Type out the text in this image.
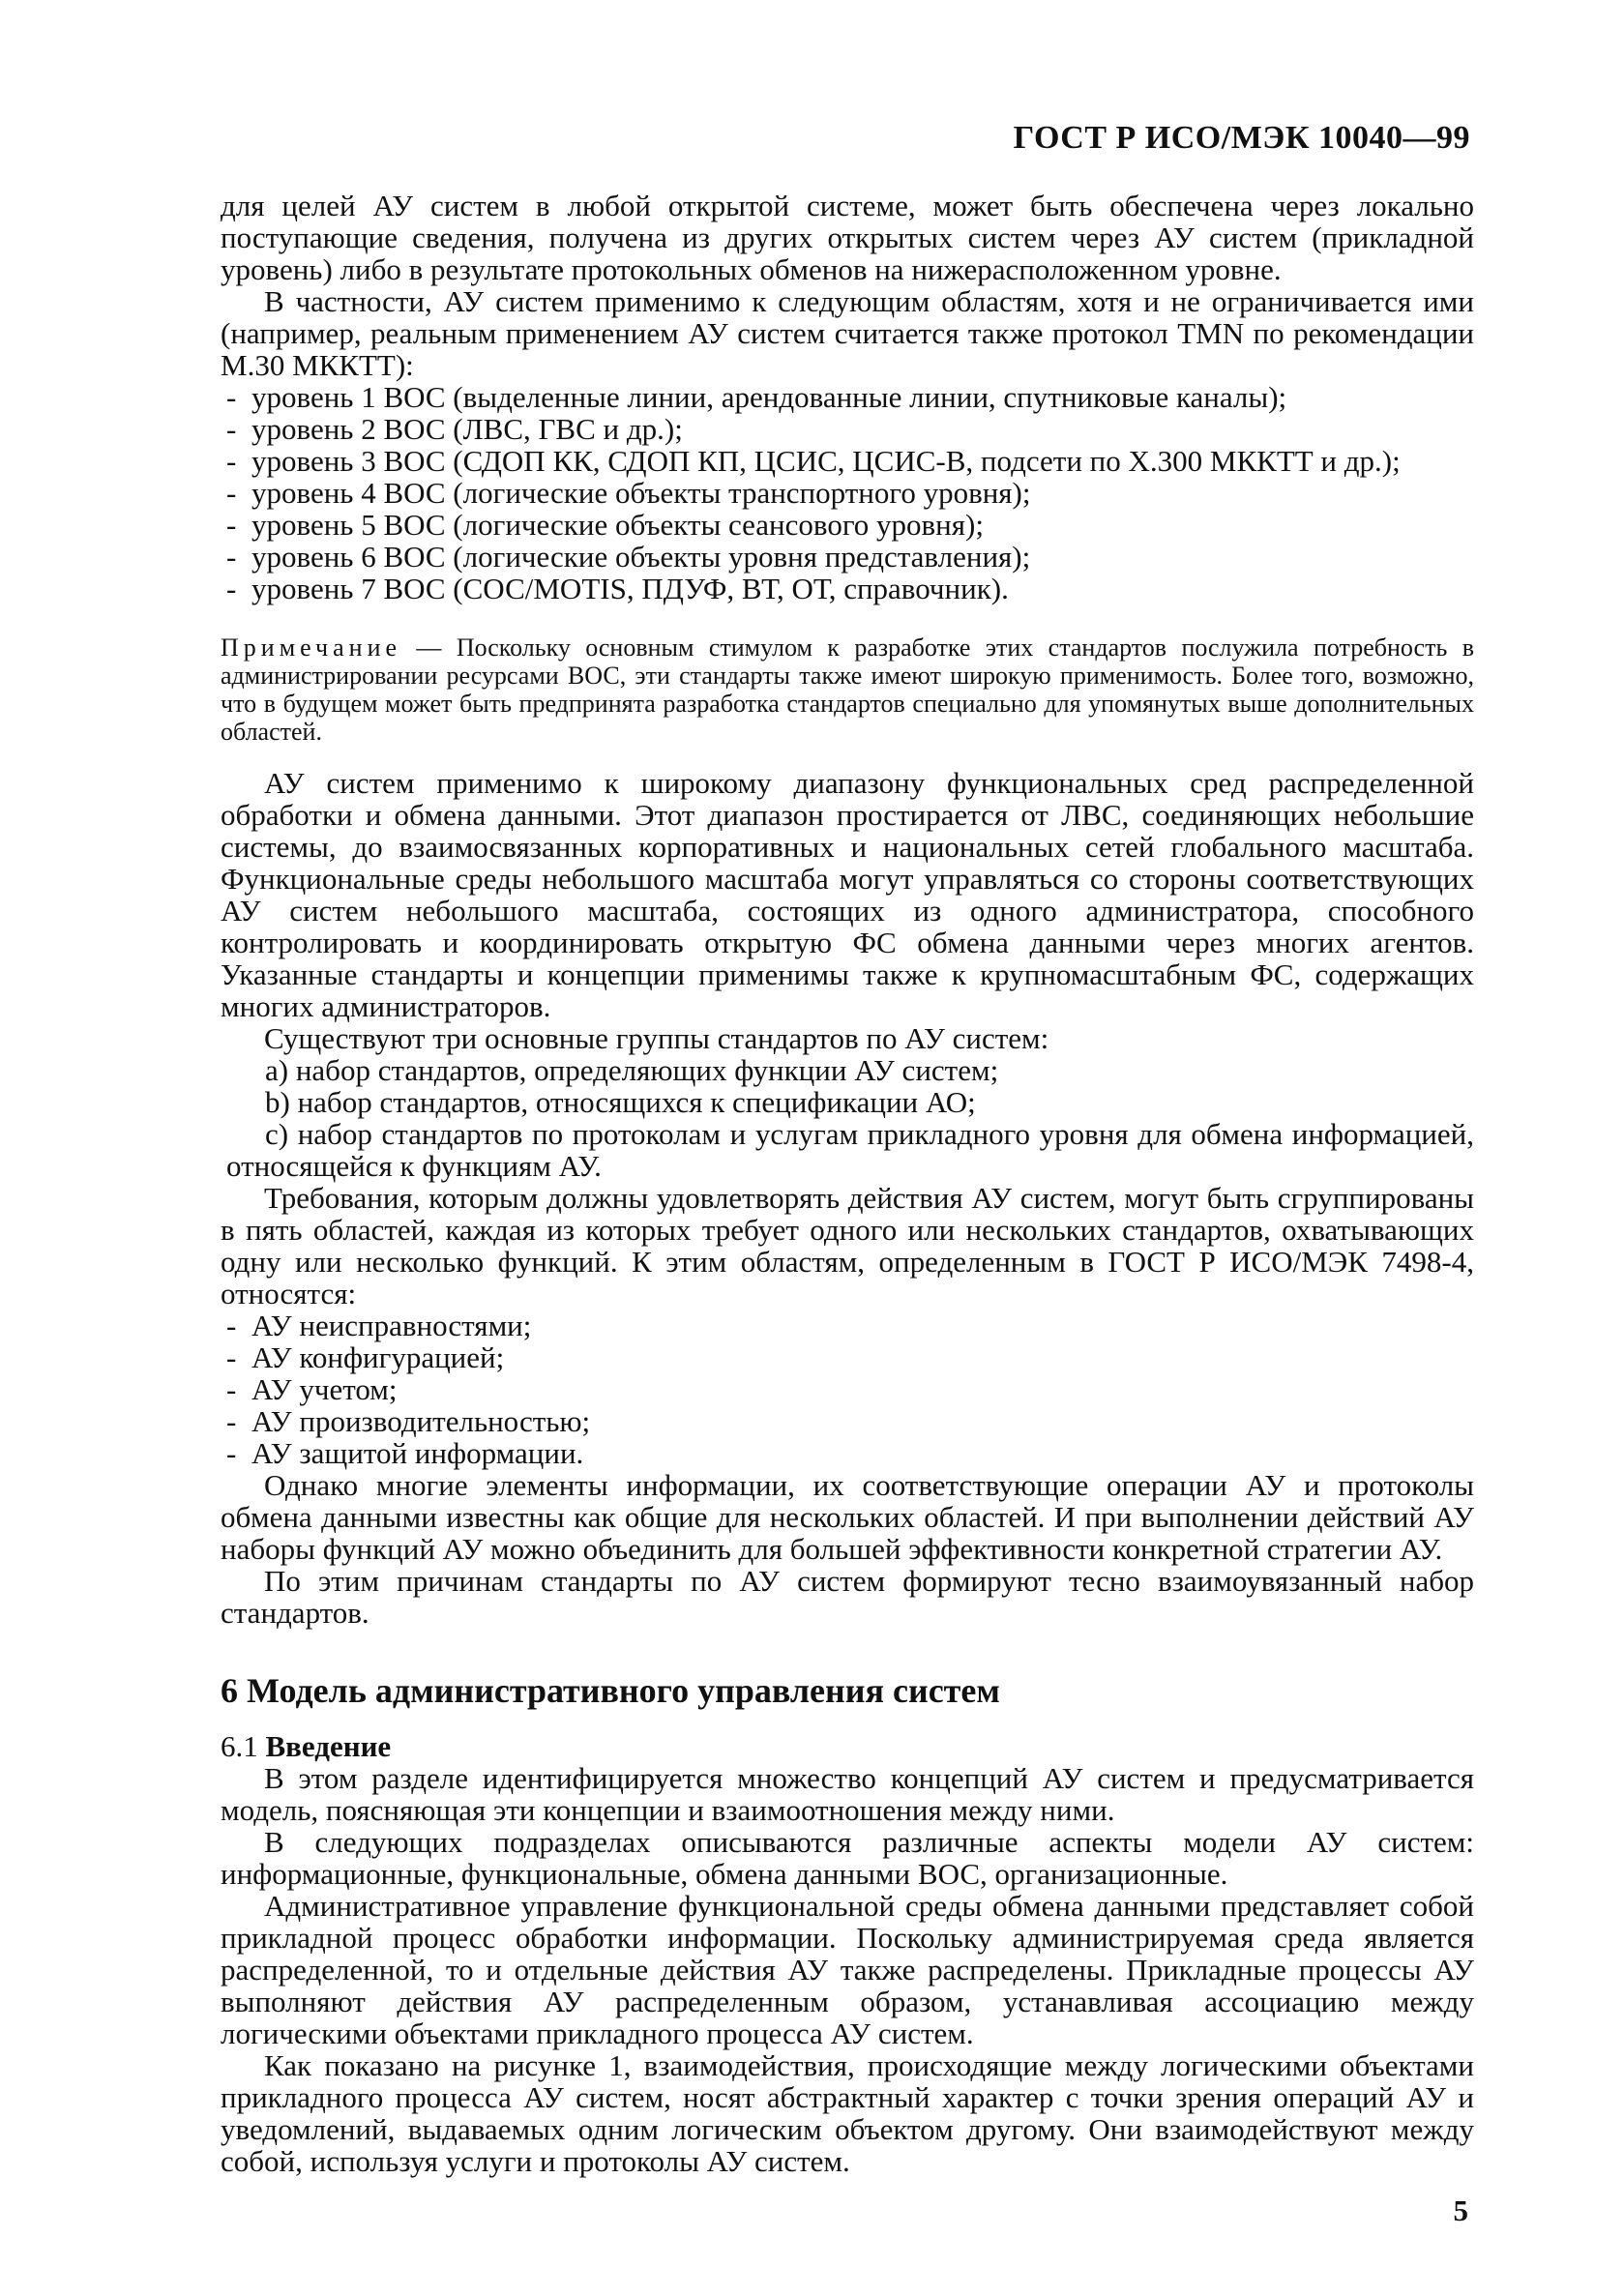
ГОСТ Р ИСО/МЭК 10040—99

для целей АУ систем в любой открытой системе, может быть обеспечена через локально поступающие сведения, получена из других открытых систем через АУ систем (прикладной уровень) либо в результате протокольных обменов на нижерасположенном уровне.

В частности, АУ систем применимо к следующим областям, хотя и не ограничивается ими (например, реальным применением АУ систем считается также протокол TMN по рекомендации М.30 МККТТ):

- уровень 1 ВОС (выделенные линии, арендованные линии, спутниковые каналы);
- уровень 2 ВОС (ЛВС, ГВС и др.);
- уровень 3 ВОС (СДОП КК, СДОП КП, ЦСИС, ЦСИС-В, подсети по Х.300 МККТТ и др.);
- уровень 4 ВОС (логические объекты транспортного уровня);
- уровень 5 ВОС (логические объекты сеансового уровня);
- уровень 6 ВОС (логические объекты уровня представления);
- уровень 7 ВОС (СОС/MOTIS, ПДУФ, ВТ, ОТ, справочник).

Примечание — Поскольку основным стимулом к разработке этих стандартов послужила потребность в администрировании ресурсами ВОС, эти стандарты также имеют широкую применимость. Более того, возможно, что в будущем может быть предпринята разработка стандартов специально для упомянутых выше дополнительных областей.

АУ систем применимо к широкому диапазону функциональных сред распределенной обработки и обмена данными. Этот диапазон простирается от ЛВС, соединяющих небольшие системы, до взаимосвязанных корпоративных и национальных сетей глобального масштаба. Функциональные среды небольшого масштаба могут управляться со стороны соответствующих АУ систем небольшого масштаба, состоящих из одного администратора, способного контролировать и координировать открытую ФС обмена данными через многих агентов. Указанные стандарты и концепции применимы также к крупномасштабным ФС, содержащих многих администраторов.

Существуют три основные группы стандартов по АУ систем:

a) набор стандартов, определяющих функции АУ систем;
b) набор стандартов, относящихся к спецификации АО;
c) набор стандартов по протоколам и услугам прикладного уровня для обмена информацией, относящейся к функциям АУ.

Требования, которым должны удовлетворять действия АУ систем, могут быть сгруппированы в пять областей, каждая из которых требует одного или нескольких стандартов, охватывающих одну или несколько функций. К этим областям, определенным в ГОСТ Р ИСО/МЭК 7498-4, относятся:

- АУ неисправностями;
- АУ конфигурацией;
- АУ учетом;
- АУ производительностью;
- АУ защитой информации.

Однако многие элементы информации, их соответствующие операции АУ и протоколы обмена данными известны как общие для нескольких областей. И при выполнении действий АУ наборы функций АУ можно объединить для большей эффективности конкретной стратегии АУ.

По этим причинам стандарты по АУ систем формируют тесно взаимоувязанный набор стандартов.

6 Модель административного управления систем

6.1 Введение

В этом разделе идентифицируется множество концепций АУ систем и предусматривается модель, поясняющая эти концепции и взаимоотношения между ними.

В следующих подразделах описываются различные аспекты модели АУ систем: информационные, функциональные, обмена данными ВОС, организационные.

Административное управление функциональной среды обмена данными представляет собой прикладной процесс обработки информации. Поскольку администрируемая среда является распределенной, то и отдельные действия АУ также распределены. Прикладные процессы АУ выполняют действия АУ распределенным образом, устанавливая ассоциацию между логическими объектами прикладного процесса АУ систем.

Как показано на рисунке 1, взаимодействия, происходящие между логическими объектами прикладного процесса АУ систем, носят абстрактный характер с точки зрения операций АУ и уведомлений, выдаваемых одним логическим объектом другому. Они взаимодействуют между собой, используя услуги и протоколы АУ систем.

5
